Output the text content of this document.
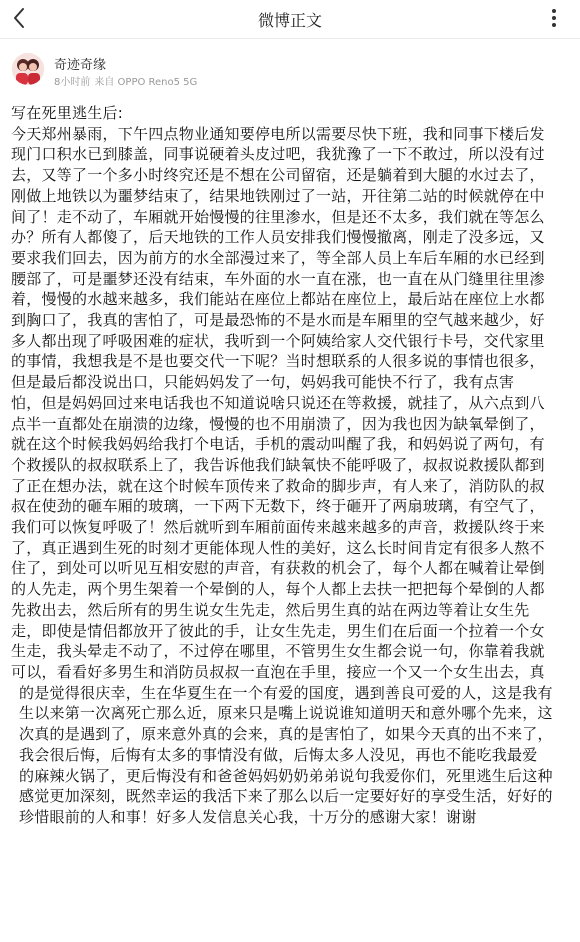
微博正文
奇迹奇缘
8小时前 来自 OPPO Reno5 5G
写在死里逃生后:
今天郑州暴雨，下午四点物业通知要停电所以需要尽快下班，我和同事下楼后发
现门口积水已到膝盖，同事说硬着头皮过吧，我犹豫了一下不敢过，所以没有过
去，又等了一个多小时终究还是不想在公司留宿，还是躺着到大腿的水过去了，
刚做上地铁以为噩梦结束了，结果地铁刚过了一站，开往第二站的时候就停在中
间了！走不动了，车厢就开始慢慢的往里渗水，但是还不太多，我们就在等怎么
办？所有人都傻了，后天地铁的工作人员安排我们慢慢撤离，刚走了没多远，又
要求我们回去，因为前方的水全部漫过来了，等全部人员上车后车厢的水已经到
腰部了，可是噩梦还没有结束，车外面的水一直在涨，也一直在从门缝里往里渗
着，慢慢的水越来越多，我们能站在座位上都站在座位上，最后站在座位上水都
到胸口了，我真的害怕了，可是最恐怖的不是水而是车厢里的空气越来越少，好
多人都出现了呼吸困难的症状，我听到一个阿姨给家人交代银行卡号，交代家里
的事情，我想我是不是也要交代一下呢？当时想联系的人很多说的事情也很多，
但是最后都没说出口，只能妈妈发了一句，妈妈我可能快不行了，我有点害
怕，但是妈妈回过来电话我也不知道说啥只说还在等救援，就挂了，从六点到八
点半一直都处在崩溃的边缘，慢慢的也不用崩溃了，因为我也因为缺氧晕倒了，
就在这个时候我妈妈给我打个电话，手机的震动叫醒了我，和妈妈说了两句，有
个救援队的叔叔联系上了，我告诉他我们缺氧快不能呼吸了，叔叔说救援队都到
了正在想办法，就在这个时候车顶传来了救命的脚步声，有人来了，消防队的叔
叔在使劲的砸车厢的玻璃，一下两下无数下，终于砸开了两扇玻璃，有空气了，
我们可以恢复呼吸了！然后就听到车厢前面传来越来越多的声音，救援队终于来
了，真正遇到生死的时刻才更能体现人性的美好，这么长时间肯定有很多人熬不
住了，到处可以听见互相安慰的声音，有获救的机会了，每个人都在喊着让晕倒
的人先走，两个男生架着一个晕倒的人，每个人都上去扶一把把每个晕倒的人都
先救出去，然后所有的男生说女生先走，然后男生真的站在两边等着让女生先
走，即使是情侣都放开了彼此的手，让女生先走，男生们在后面一个拉着一个女
生走，我头晕走不动了，不过停在哪里，不管男生女生都会说一句，你靠着我就
可以，看看好多男生和消防员叔叔一直泡在手里，接应一个又一个女生出去，真
的是觉得很庆幸，生在华夏生在一个有爱的国度，遇到善良可爱的人，这是我有
生以来第一次离死亡那么近，原来只是嘴上说说谁知道明天和意外哪个先来，这
次真的是遇到了，原来意外真的会来，真的是害怕了，如果今天真的出不来了，
我会很后悔，后悔有太多的事情没有做，后悔太多人没见，再也不能吃我最爱
的麻辣火锅了，更后悔没有和爸爸妈妈奶奶弟弟说句我爱你们，死里逃生后这种
感觉更加深刻，既然幸运的我活下来了那么以后一定要好好的享受生活，好好的
珍惜眼前的人和事！好多人发信息关心我，十万分的感谢大家！谢谢
